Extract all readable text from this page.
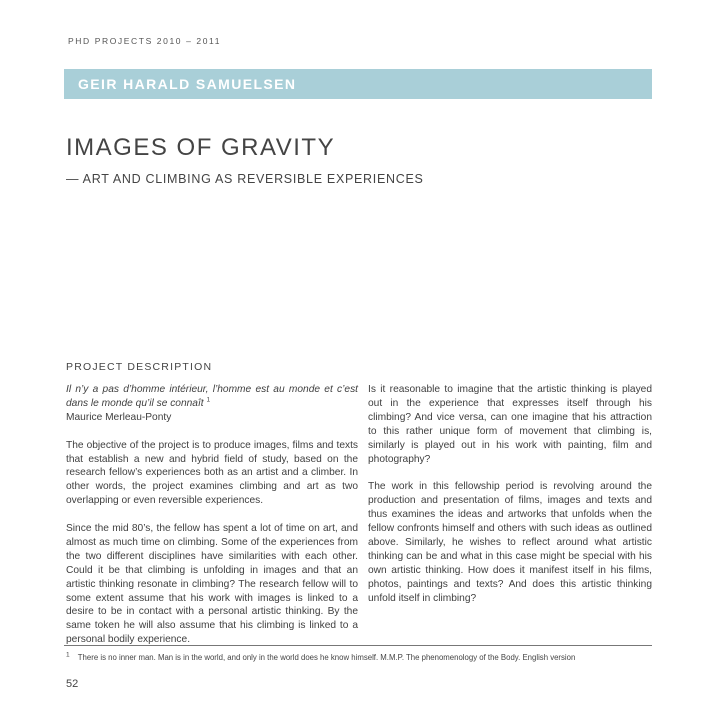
PHD PROJECTS 2010 – 2011
GEIR HARALD SAMUELSEN
IMAGES OF GRAVITY
— ART AND CLIMBING AS REVERSIBLE EXPERIENCES
PROJECT DESCRIPTION

Il n’y a pas d’homme intérieur, l’homme est au monde et c’est dans le monde qu’il se connaît $^1$

Maurice Merleau-Ponty

The objective of the project is to produce images, films and texts that establish a new and hybrid field of study, based on the research fellow’s experiences both as an artist and a climber. In other words, the project examines climbing and art as two overlapping or even reversible experiences.

Since the mid 80’s, the fellow has spent a lot of time on art, and almost as much time on climbing. Some of the experiences from the two different disciplines have similarities with each other. Could it be that climbing is unfolding in images and that an artistic thinking resonate in climbing? The research fellow will to some extent assume that his work with images is linked to a desire to be in contact with a personal artistic thinking. By the same token he will also assume that his climbing is linked to a personal bodily experience.

Is it reasonable to imagine that the artistic thinking is played out in the experience that expresses itself through his climbing? And vice versa, can one imagine that his attraction to this rather unique form of movement that climbing is, similarly is played out in his work with painting, film and photography?

The work in this fellowship period is revolving around the production and presentation of films, images and texts and thus examines the ideas and artworks that unfolds when the fellow confronts himself and others with such ideas as outlined above. Similarly, he wishes to reflect around what artistic thinking can be and what in this case might be special with his own artistic thinking. How does it manifest itself in his films, photos, paintings and texts? And does this artistic thinking unfold itself in climbing?

$^1$ There is no inner man. Man is in the world, and only in the world does he know himself. M.M.P. The phenomenology of the Body. English version
52
